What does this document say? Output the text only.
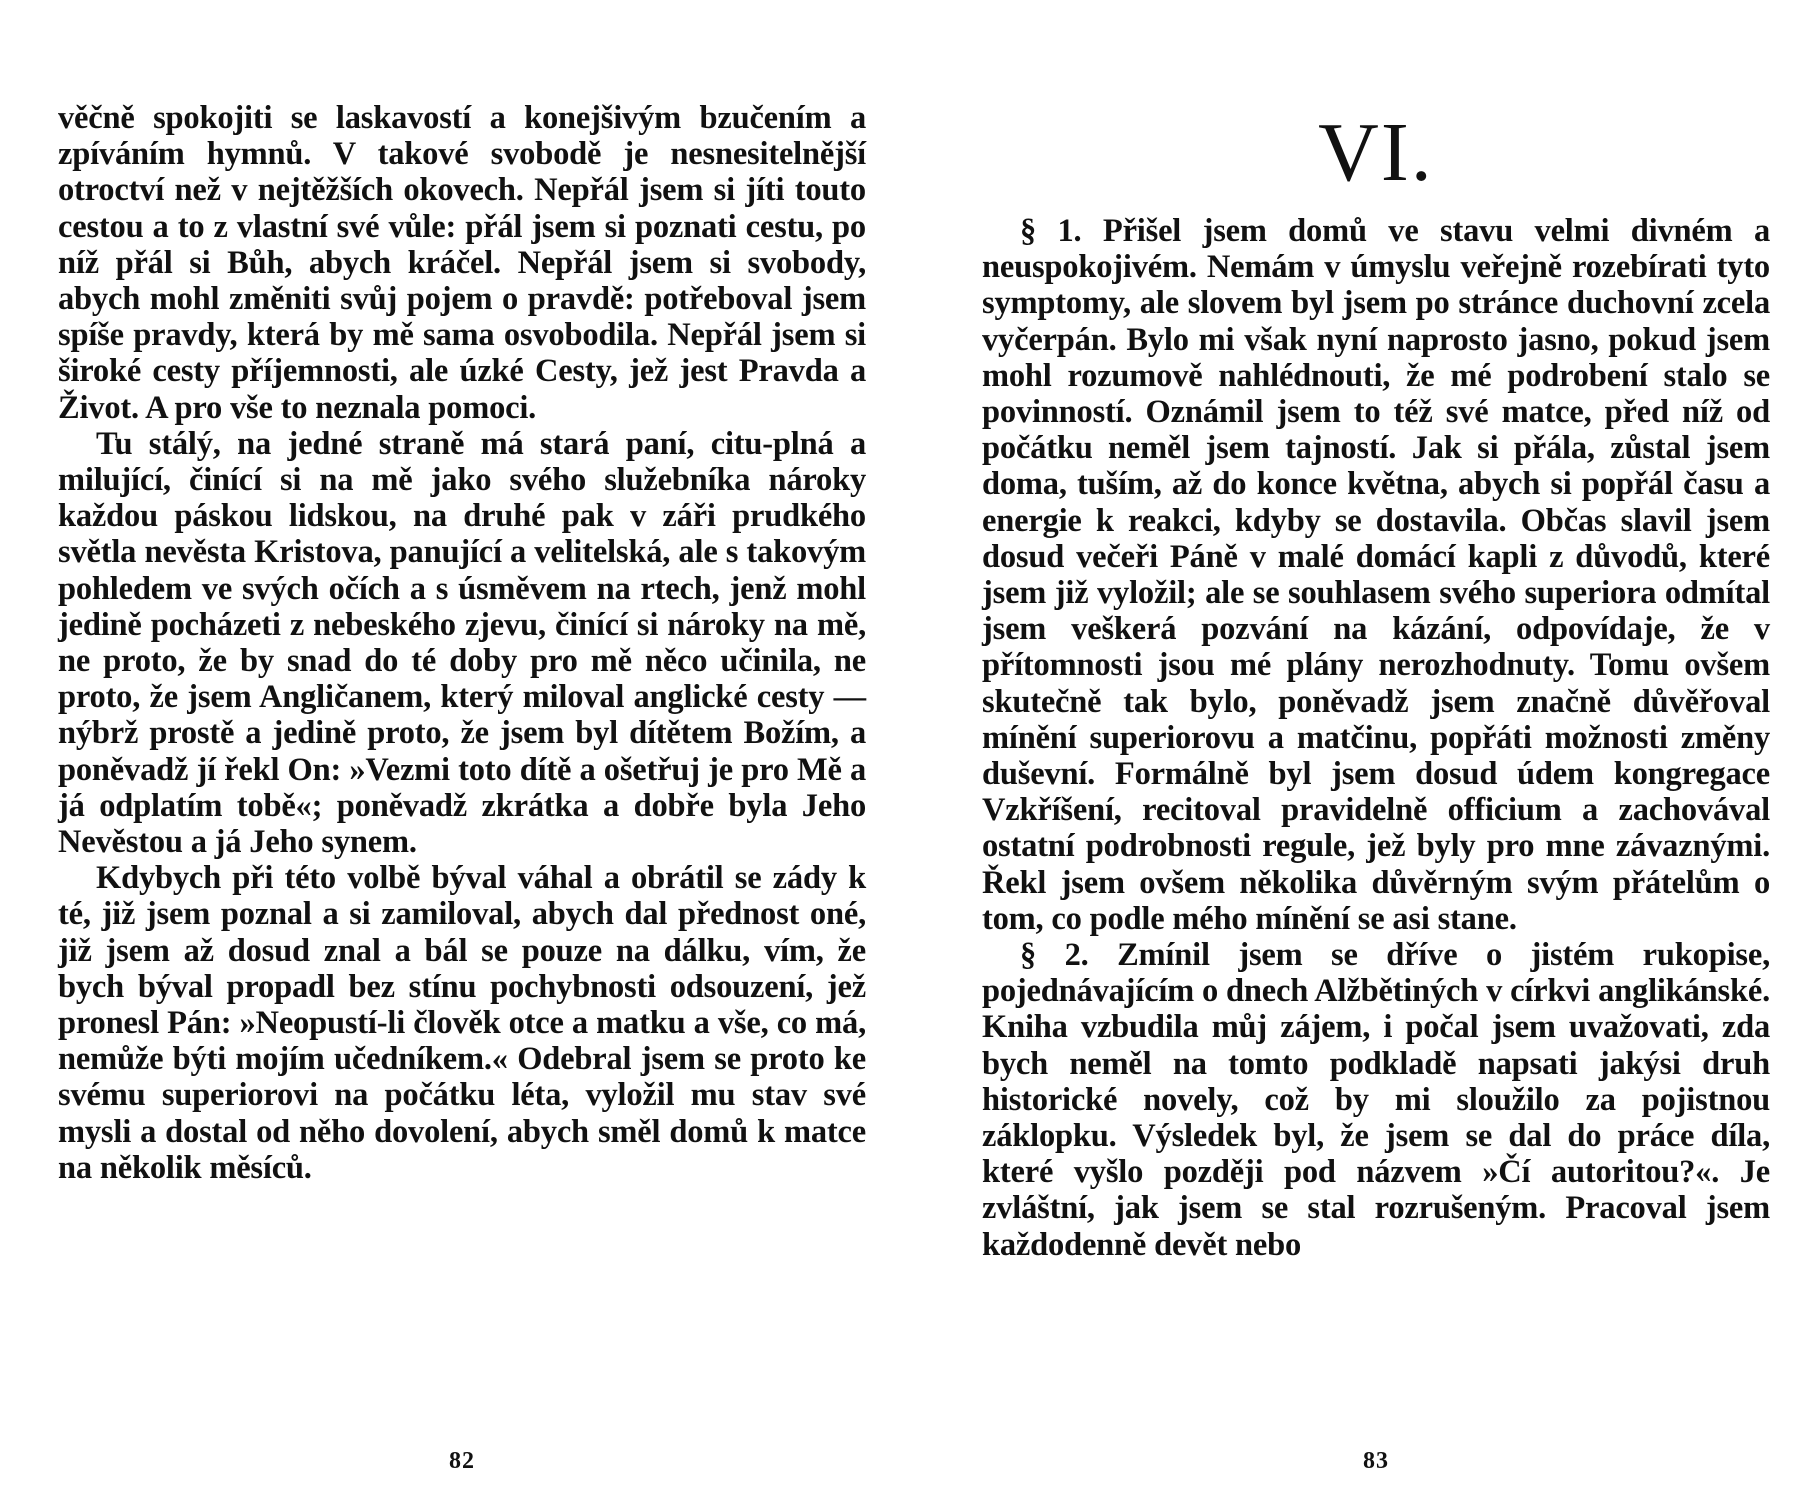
věčně spokojiti se laskavostí a konejšivým bzučením a zpíváním hymnů. V takové svobodě je nesnesitelnější otroctví než v nejtěžších okovech. Nepřál jsem si jíti touto cestou a to z vlastní své vůle: přál jsem si poznati cestu, po níž přál si Bůh, abych kráčel. Nepřál jsem si svobody, abych mohl změniti svůj pojem o pravdě: potřeboval jsem spíše pravdy, která by mě sama osvobodila. Nepřál jsem si široké cesty příjemnosti, ale úzké Cesty, jež jest Pravda a Život. A pro vše to neznala pomoci.

Tu stálý, na jedné straně má stará paní, citu-plná a milující, činící si na mě jako svého služebníka nároky každou páskou lidskou, na druhé pak v záři prudkého světla nevěsta Kristova, panující a velitelská, ale s takovým pohledem ve svých očích a s úsměvem na rtech, jenž mohl jedině pocházeti z nebeského zjevu, činící si nároky na mě, ne proto, že by snad do té doby pro mě něco učinila, ne proto, že jsem Angličanem, který miloval anglické cesty — nýbrž prostě a jedině proto, že jsem byl dítětem Božím, a poněvadž jí řekl On: »Vezmi toto dítě a ošetřuj je pro Mě a já odplatím tobě«; poněvadž zkrátka a dobře byla Jeho Nevěstou a já Jeho synem.

Kdybych při této volbě býval váhal a obrátil se zády k té, již jsem poznal a si zamiloval, abych dal přednost oné, již jsem až dosud znal a bál se pouze na dálku, vím, že bych býval propadl bez stínu pochybnosti odsouzení, jež pronesl Pán: »Neopustí-li člověk otce a matku a vše, co má, nemůže býti mojím učedníkem.« Odebral jsem se proto ke svému superiorovi na počátku léta, vyložil mu stav své mysli a dostal od něho dovolení, abych směl domů k matce na několik měsíců.

82
VI.

§ 1. Přišel jsem domů ve stavu velmi divném a neuspokojivém. Nemám v úmyslu veřejně rozebírati tyto symptomy, ale slovem byl jsem po stránce duchovní zcela vyčerpán. Bylo mi však nyní naprosto jasno, pokud jsem mohl rozumově nahlédnouti, že mé podrobení stalo se povinností. Oznámil jsem to též své matce, před níž od počátku neměl jsem tajností. Jak si přála, zůstal jsem doma, tuším, až do konce května, abych si popřál času a energie k reakci, kdyby se dostavila. Občas slavil jsem dosud večeři Páně v malé domácí kapli z důvodů, které jsem již vyložil; ale se souhlasem svého superiora odmítal jsem veškerá pozvání na kázání, odpovídaje, že v přítomnosti jsou mé plány nerozhodnuty. Tomu ovšem skutečně tak bylo, poněvadž jsem značně důvěřoval mínění superiorovu a matčinu, popřáti možnosti změny duševní. Formálně byl jsem dosud údem kongregace Vzkříšení, recitoval pravidelně officium a zachovával ostatní podrobnosti regule, jež byly pro mne závaznými. Řekl jsem ovšem několika důvěrným svým přátelům o tom, co podle mého mínění se asi stane.

§ 2. Zmínil jsem se dříve o jistém rukopise, pojednávajícím o dnech Alžbětiných v církvi anglikánské. Kniha vzbudila můj zájem, i počal jsem uvažovati, zda bych neměl na tomto podkladě napsati jakýsi druh historické novely, což by mi sloužilo za pojistnou záklopku. Výsledek byl, že jsem se dal do práce díla, které vyšlo později pod názvem »Čí autoritou?«. Je zvláštní, jak jsem se stal rozrušeným. Pracoval jsem každodenně devět nebo

83
